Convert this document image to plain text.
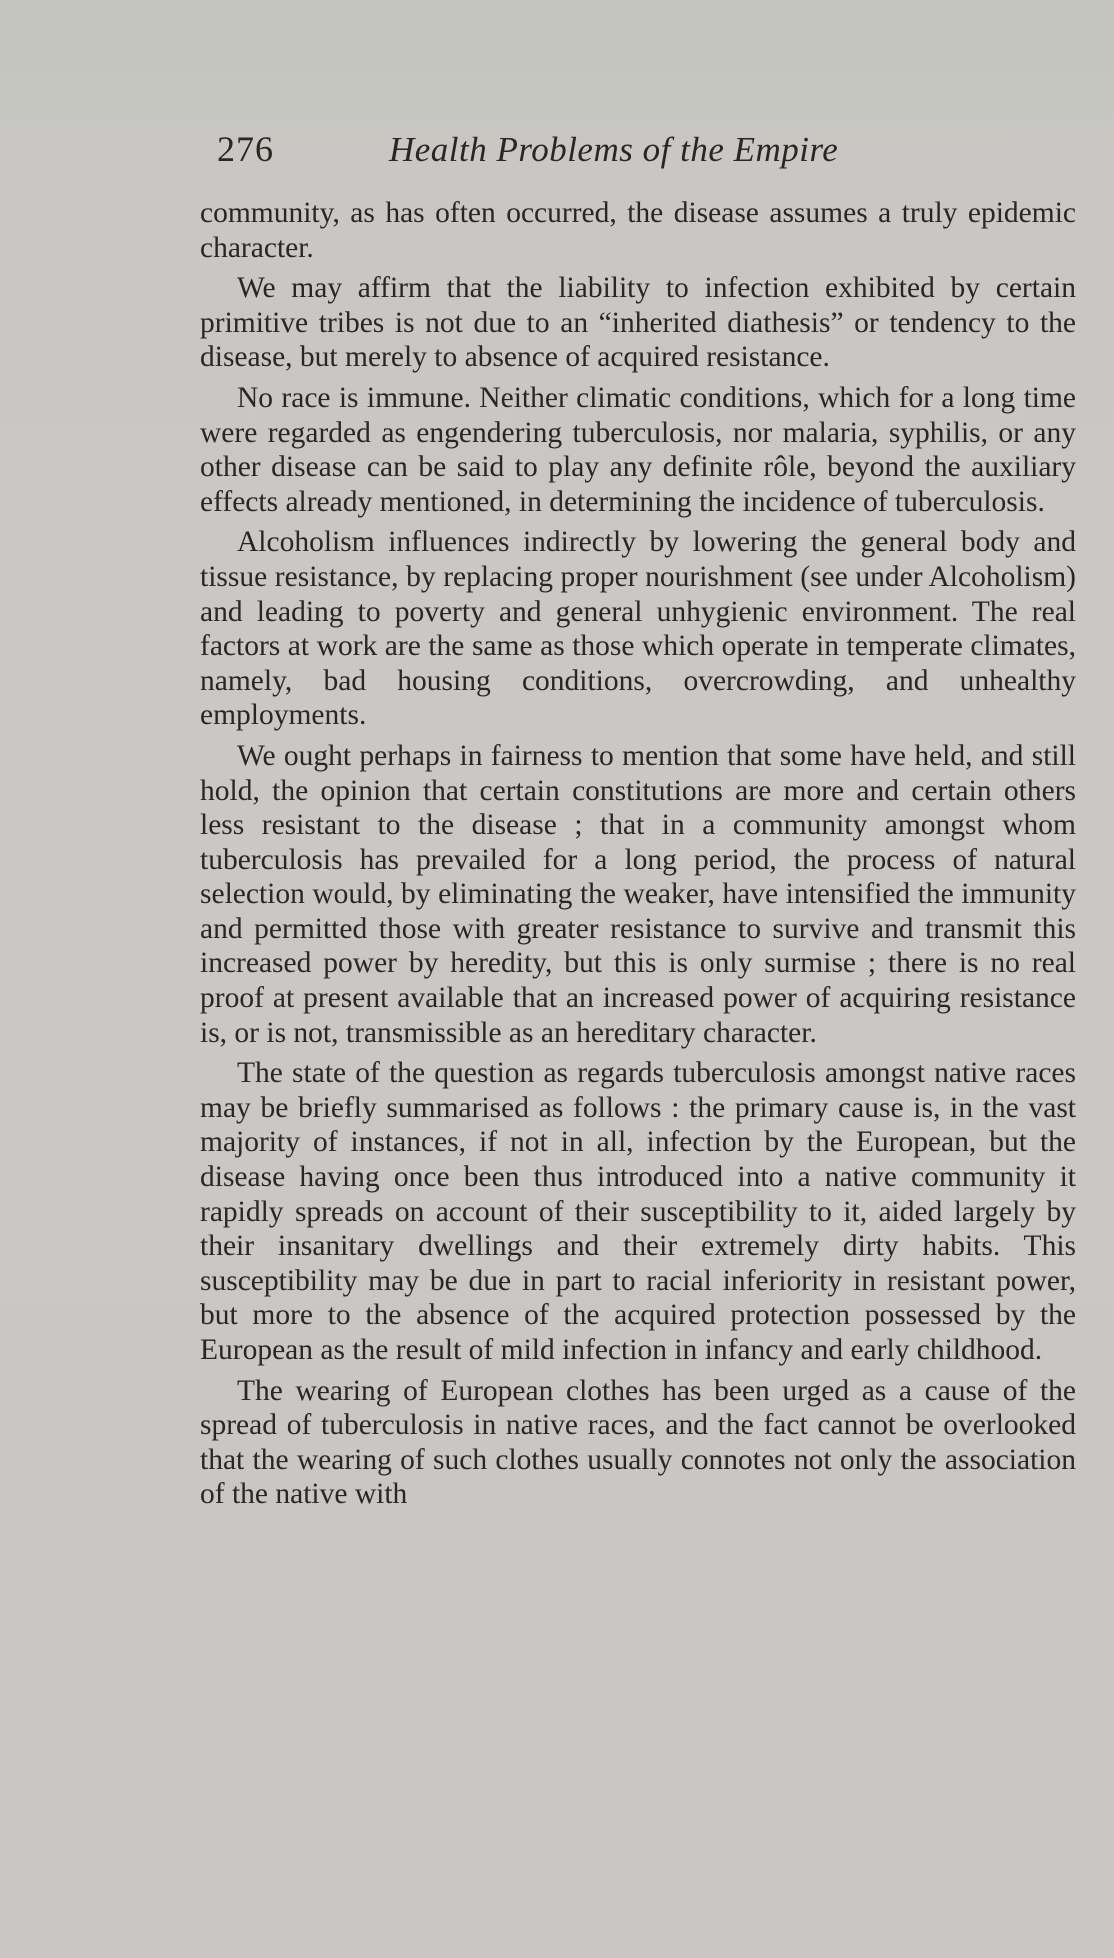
276	Health Problems of the Empire

community, as has often occurred, the disease assumes a truly epidemic character.

We may affirm that the liability to infection exhibited by certain primitive tribes is not due to an “inherited diathesis” or tendency to the disease, but merely to absence of acquired resistance.

No race is immune. Neither climatic conditions, which for a long time were regarded as engendering tuberculosis, nor malaria, syphilis, or any other disease can be said to play any definite rôle, beyond the auxiliary effects already mentioned, in determining the incidence of tuberculosis.

Alcoholism influences indirectly by lowering the general body and tissue resistance, by replacing proper nourishment (see under Alcoholism) and leading to poverty and general unhygienic environment. The real factors at work are the same as those which operate in temperate climates, namely, bad housing conditions, overcrowding, and unhealthy employments.

We ought perhaps in fairness to mention that some have held, and still hold, the opinion that certain constitutions are more and certain others less resistant to the disease ; that in a community amongst whom tuberculosis has prevailed for a long period, the process of natural selection would, by eliminating the weaker, have intensified the immunity and permitted those with greater resistance to survive and transmit this increased power by heredity, but this is only surmise ; there is no real proof at present available that an increased power of acquiring resistance is, or is not, transmissible as an hereditary character.

The state of the question as regards tuberculosis amongst native races may be briefly summarised as follows : the primary cause is, in the vast majority of instances, if not in all, infection by the European, but the disease having once been thus introduced into a native community it rapidly spreads on account of their susceptibility to it, aided largely by their insanitary dwellings and their extremely dirty habits. This susceptibility may be due in part to racial inferiority in resistant power, but more to the absence of the acquired protection possessed by the European as the result of mild infection in infancy and early childhood.

The wearing of European clothes has been urged as a cause of the spread of tuberculosis in native races, and the fact cannot be overlooked that the wearing of such clothes usually connotes not only the association of the native with
